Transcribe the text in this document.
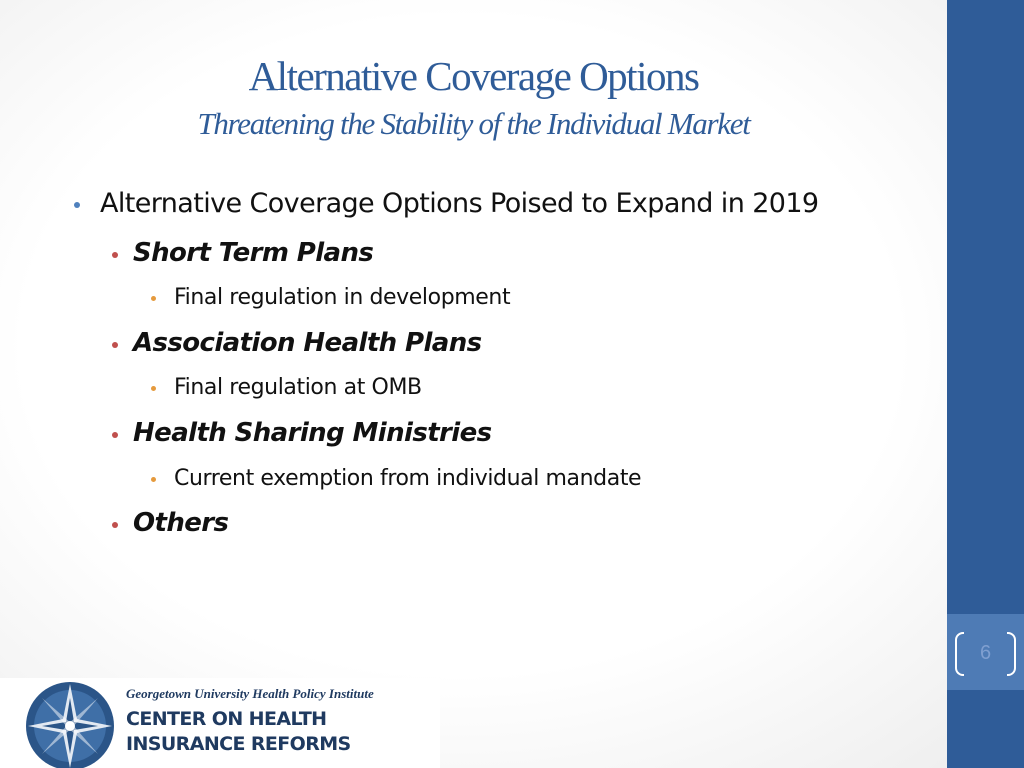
6
Alternative Coverage Options
Threatening the Stability of the Individual Market
Alternative Coverage Options Poised to Expand in 2019
Short Term Plans
Final regulation in development
Association Health Plans
Final regulation at OMB
Health Sharing Ministries
Current exemption from individual mandate
Others
Georgetown University Health Policy Institute
CENTER ON HEALTH
INSURANCE REFORMS
